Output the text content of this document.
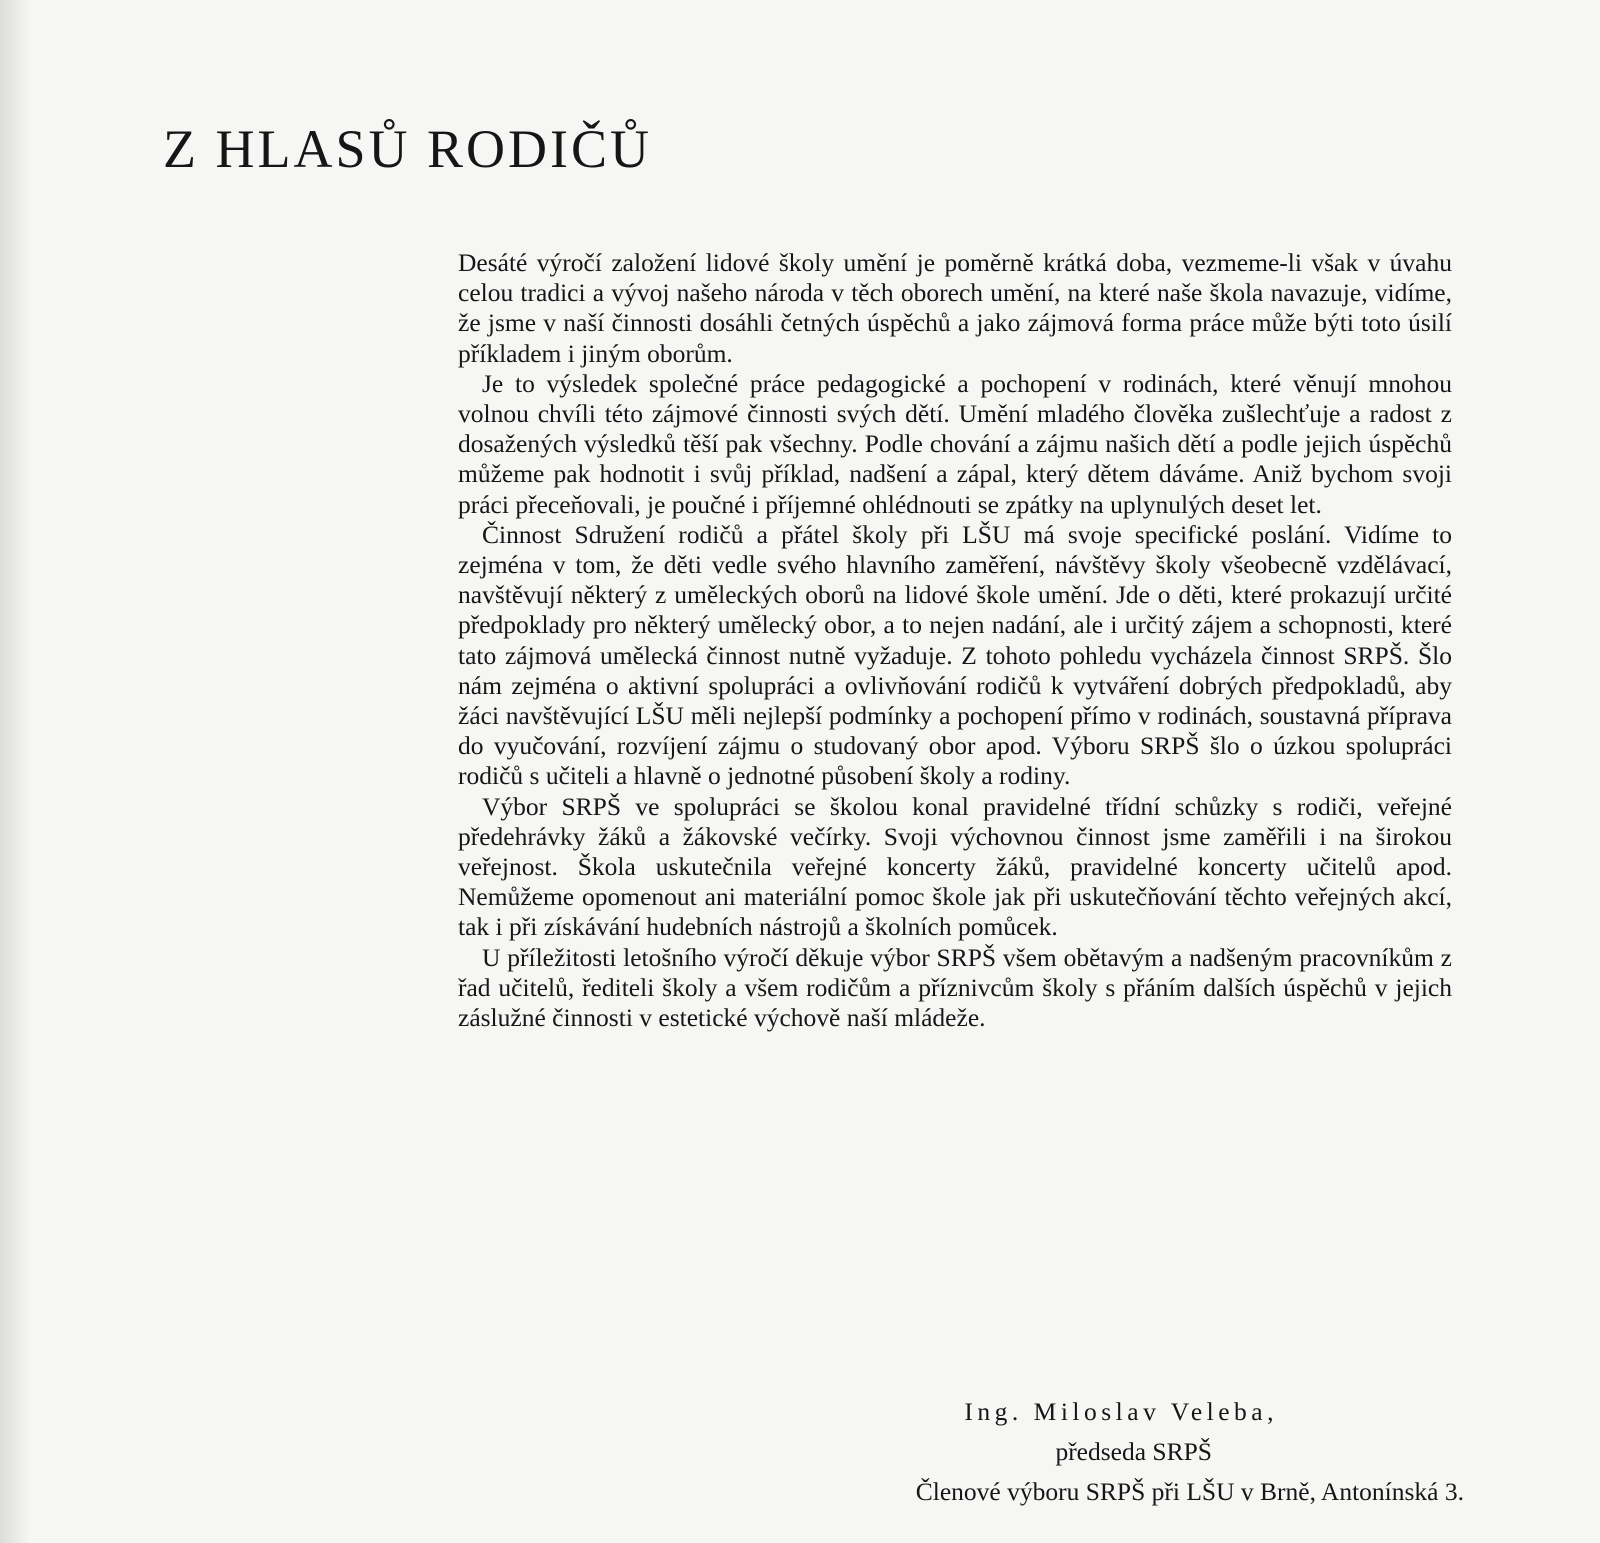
Z HLASŮ RODIČŮ

Desáté výročí založení lidové školy umění je poměrně krátká doba, vezmeme-li však v úvahu celou tradici a vývoj našeho národa v těch oborech umění, na které naše škola navazuje, vidíme, že jsme v naší činnosti dosáhli četných úspěchů a jako zájmová forma práce může býti toto úsilí příkladem i jiným oborům.

Je to výsledek společné práce pedagogické a pochopení v rodinách, které věnují mnohou volnou chvíli této zájmové činnosti svých dětí. Umění mladého člověka zušlechťuje a radost z dosažených výsledků těší pak všechny. Podle chování a zájmu našich dětí a podle jejich úspěchů můžeme pak hodnotit i svůj příklad, nadšení a zápal, který dětem dáváme. Aniž bychom svoji práci přeceňovali, je poučné i příjemné ohlédnouti se zpátky na uplynulých deset let.

Činnost Sdružení rodičů a přátel školy při LŠU má svoje specifické poslání. Vidíme to zejména v tom, že děti vedle svého hlavního zaměření, návštěvy školy všeobecně vzdělávací, navštěvují některý z uměleckých oborů na lidové škole umění. Jde o děti, které prokazují určité předpoklady pro některý umělecký obor, a to nejen nadání, ale i určitý zájem a schopnosti, které tato zájmová umělecká činnost nutně vyžaduje. Z tohoto pohledu vycházela činnost SRPŠ. Šlo nám zejména o aktivní spolupráci a ovlivňování rodičů k vytváření dobrých předpokladů, aby žáci navštěvující LŠU měli nejlepší podmínky a pochopení přímo v rodinách, soustavná příprava do vyučování, rozvíjení zájmu o studovaný obor apod. Výboru SRPŠ šlo o úzkou spolupráci rodičů s učiteli a hlavně o jednotné působení školy a rodiny.

Výbor SRPŠ ve spolupráci se školou konal pravidelné třídní schůzky s rodiči, veřejné předehrávky žáků a žákovské večírky. Svoji výchovnou činnost jsme zaměřili i na širokou veřejnost. Škola uskutečnila veřejné koncerty žáků, pravidelné koncerty učitelů apod. Nemůžeme opomenout ani materiální pomoc škole jak při uskutečňování těchto veřejných akcí, tak i při získávání hudebních nástrojů a školních pomůcek.

U příležitosti letošního výročí děkuje výbor SRPŠ všem obětavým a nadšeným pracovníkům z řad učitelů, řediteli školy a všem rodičům a příznivcům školy s přáním dalších úspěchů v jejich záslužné činnosti v estetické výchově naší mládeže.

Ing. Miloslav Veleba,

předseda SRPŠ

Členové výboru SRPŠ při LŠU v Brně, Antonínská 3.
